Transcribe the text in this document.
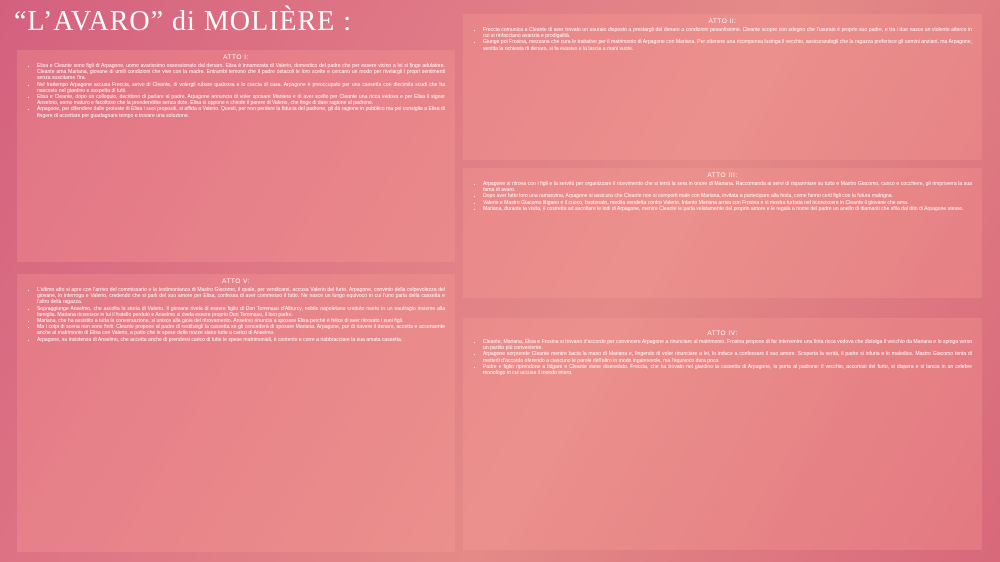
“L’AVARO” di MOLIÈRE :
ATTO I:
• Elisa e Cleante sono figli di Arpagone, uomo avarissimo ossessionato dal denaro. Elisa è innamorata di Valerio, domestico del padre che per essere vicino a lei si finge adulatore. Cleante ama Mariana, giovane di umili condizioni che vive con la madre. Entrambi temono che il padre ostacoli le loro scelte e cercano un modo per rivelargli i propri sentimenti senza suscitarne l’ira.
• Nel frattempo Arpagone accusa Freccia, servo di Cleante, di volergli rubare qualcosa e lo caccia di casa. Arpagone è preoccupato per una cassetta con diecimila scudi che ha nascosto nel giardino e sospetta di tutti.
• Elisa e Cleante, dopo un colloquio, decidono di parlare al padre. Arpagone annuncia di voler sposare Mariana e di aver scelto per Cleante una ricca vedova e per Elisa il signor Anselmo, uomo maturo e facoltoso che la prenderebbe senza dote. Elisa si oppone e chiede il parere di Valerio, che finge di dare ragione al padrone.
• Arpagone, per difendere dalle proteste di Elisa i suoi propositi, si affida a Valerio. Questi, per non perdere la fiducia del padrone, gli dà ragione in pubblico ma poi consiglia a Elisa di fingere di accettare per guadagnare tempo e trovare una soluzione.
ATTO II:
• Freccia comunica a Cleante di aver trovato un usuraio disposto a prestargli del denaro a condizioni pesantissime. Cleante scopre con sdegno che l’usuraio è proprio suo padre, e tra i due nasce un violento alterco in cui si rinfacciano avarizia e prodigalità.
• Giunge poi Frosina, mezzana che cura le trattative per il matrimonio di Arpagone con Mariana. Per ottenere una ricompensa lusinga il vecchio, assicurandogli che la ragazza preferisce gli uomini anziani, ma Arpagone, sentita la richiesta di denaro, si fa evasivo e la lascia a mani vuote.
ATTO III:
• Arpagone si ritrova con i figli e la servitù per organizzare il ricevimento che si terrà la sera in onore di Mariana. Raccomanda ai servi di risparmiare su tutto e Mastro Giacomo, cuoco e cocchiere, gli rimprovera la sua fama di avaro.
• Dopo aver fatto loro una ramanzina, Arpagone si assicura che Cleante non si comporti male con Mariana, invitata a partecipare alla festa, come fanno certi figli con la futura matrigna.
• Valerio e Mastro Giacomo litigano e il cuoco, bastonato, medita vendetta contro Valerio. Intanto Mariana arriva con Frosina e si mostra turbata nel riconoscere in Cleante il giovane che ama.
• Mariana, durante la visita, è costretta ad ascoltare le lodi di Arpagone, mentre Cleante le parla velatamente del proprio amore e le regala a nome del padre un anello di diamanti che sfila dal dito di Arpagone stesso.
ATTO V:
• L’ultimo atto si apre con l’arrivo del commissario e la testimonianza di Mastro Giacomo, il quale, per vendicarsi, accusa Valerio del furto. Arpagone, convinto della colpevolezza del giovane, lo interroga e Valerio, credendo che si parli del suo amore per Elisa, confessa di aver commesso il fatto. Ne nasce un lungo equivoco in cui l’uno parla della cassetta e l’altro della ragazza.
• Sopraggiunge Anselmo, che ascolta la storia di Valerio. Il giovane rivela di essere figlio di Don Tommaso d’Alburcy, nobile napoletano creduto morto in un naufragio insieme alla famiglia. Mariana riconosce in lui il fratello perduto e Anselmo si rivela essere proprio Don Tommaso, il loro padre.
• Mariana, che ha assistito a tutta la conversazione, si unisce alla gioia del ritrovamento. Anselmo rinuncia a sposare Elisa perché è felice di aver ritrovato i suoi figli.
• Ma i colpi di scena non sono finiti: Cleante propone al padre di restituirgli la cassetta se gli concederà di sposare Mariana. Arpagone, pur di riavere il denaro, accetta e acconsente anche al matrimonio di Elisa con Valerio, a patto che le spese delle nozze siano tutte a carico di Anselmo.
• Arpagone, su insistenza di Anselmo, che accetta anche di prendersi carico di tutte le spese matrimoniali, è contento e corre a riabbracciare la sua amata cassetta.
ATTO IV:
• Cleante, Mariana, Elisa e Frosina si trovano d’accordo per convincere Arpagone a rinunciare al matrimonio. Frosina propone di far intervenire una finta ricca vedova che distolga il vecchio da Mariana e lo spinga verso un partito più conveniente.
• Arpagone sorprende Cleante mentre bacia la mano di Mariana e, fingendo di voler rinunciare a lei, lo induce a confessare il suo amore. Scoperta la verità, il padre si infuria e lo maledice. Mastro Giacomo tenta di metterli d’accordo riferendo a ciascuno le parole dell’altro in modo ingannevole, ma l’equivoco dura poco.
• Padre e figlio riprendono a litigare e Cleante viene diseredato. Freccia, che ha trovato nel giardino la cassetta di Arpagone, la porta al padrone: il vecchio, accortosi del furto, si dispera e si lancia in un celebre monologo in cui accusa il mondo intero.
